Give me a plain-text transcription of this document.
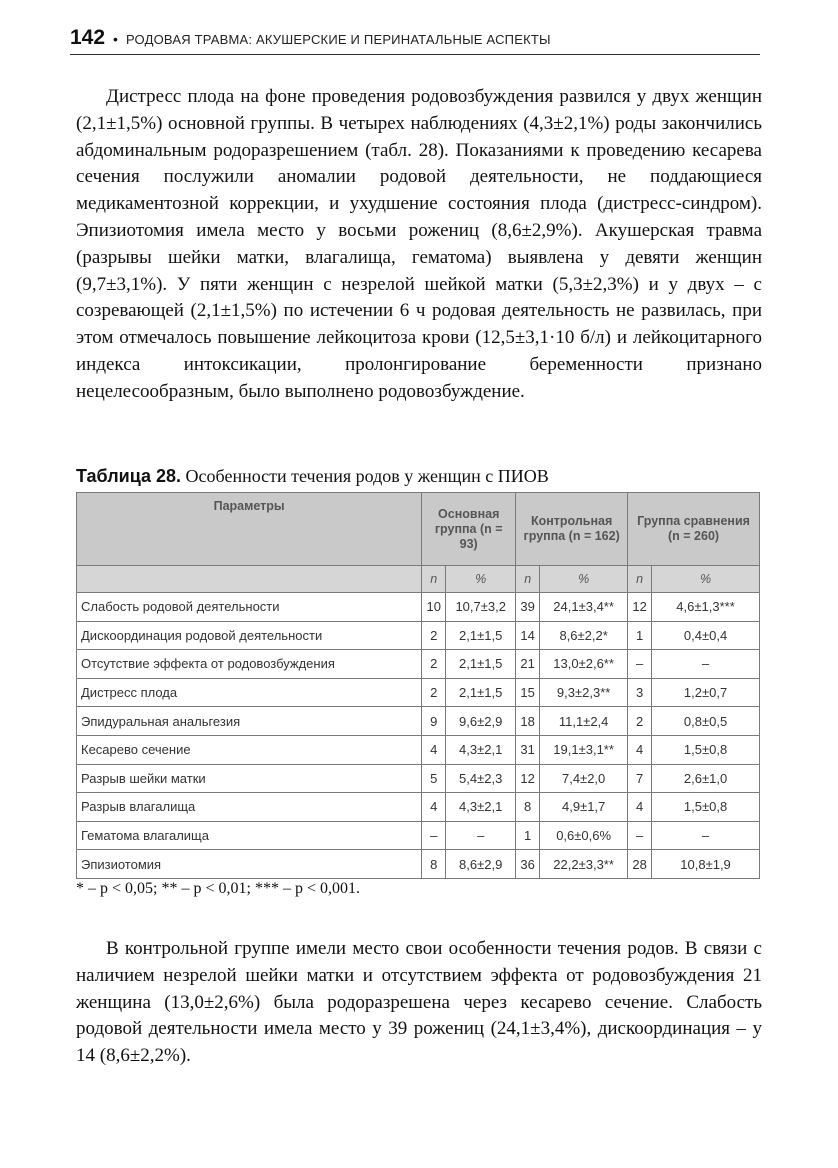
142 • РОДОВАЯ ТРАВМА: АКУШЕРСКИЕ И ПЕРИНАТАЛЬНЫЕ АСПЕКТЫ

Дистресс плода на фоне проведения родовозбуждения развился у двух женщин (2,1±1,5%) основной группы. В четырех наблюдениях (4,3±2,1%) роды закончились абдоминальным родоразрешением (табл. 28). Показаниями к проведению кесарева сечения послужили аномалии родовой деятельности, не поддающиеся медикаментозной коррекции, и ухудшение состояния плода (дистресс-синдром). Эпизиотомия имела место у восьми рожениц (8,6±2,9%). Акушерская травма (разрывы шейки матки, влагалища, гематома) выявлена у девяти женщин (9,7±3,1%). У пяти женщин с незрелой шейкой матки (5,3±2,3%) и у двух – с созревающей (2,1±1,5%) по истечении 6 ч родовая деятельность не развилась, при этом отмечалось повышение лейкоцитоза крови (12,5±3,1·10 б/л) и лейкоцитарного индекса интоксикации, пролонгирование беременности признано нецелесообразным, было выполнено родовозбуждение.

Таблица 28. Особенности течения родов у женщин с ПИОВ
Параметры	Основная группа (n = 93)		Контрольная группа (n = 162)		Группа сравнения (n = 260)	
	n	%	n	%	n	%
Слабость родовой деятельности	10	10,7±3,2	39	24,1±3,4**	12	4,6±1,3***
Дискоординация родовой деятельности	2	2,1±1,5	14	8,6±2,2*	1	0,4±0,4
Отсутствие эффекта от родовозбуждения	2	2,1±1,5	21	13,0±2,6**	–	–
Дистресс плода	2	2,1±1,5	15	9,3±2,3**	3	1,2±0,7
Эпидуральная анальгезия	9	9,6±2,9	18	11,1±2,4	2	0,8±0,5
Кесарево сечение	4	4,3±2,1	31	19,1±3,1**	4	1,5±0,8
Разрыв шейки матки	5	5,4±2,3	12	7,4±2,0	7	2,6±1,0
Разрыв влагалища	4	4,3±2,1	8	4,9±1,7	4	1,5±0,8
Гематома влагалища	–	–	1	0,6±0,6%	–	–
Эпизиотомия	8	8,6±2,9	36	22,2±3,3**	28	10,8±1,9
* – p < 0,05; ** – p < 0,01; *** – p < 0,001.

В контрольной группе имели место свои особенности течения родов. В связи с наличием незрелой шейки матки и отсутствием эффекта от родовозбуждения 21 женщина (13,0±2,6%) была родоразрешена через кесарево сечение. Слабость родовой деятельности имела место у 39 рожениц (24,1±3,4%), дискоординация – у 14 (8,6±2,2%).
